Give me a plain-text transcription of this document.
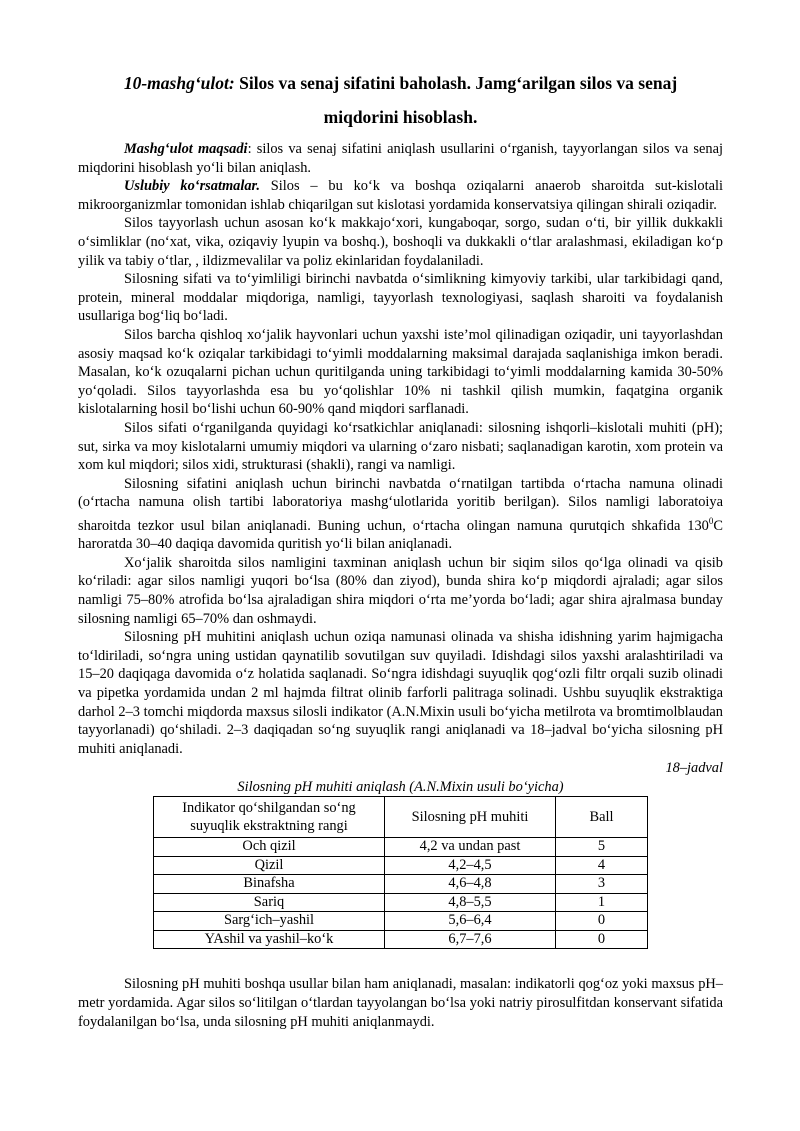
10-mashg‘ulot: Silos va senaj sifatini baholash. Jamg‘arilgan silos va senaj
miqdorini hisoblash.

Mashg‘ulot maqsadi: silos va senaj sifatini aniqlash usullarini o‘rganish, tayyorlangan silos va senaj miqdorini hisoblash yo‘li bilan aniqlash.

Uslubiy ko‘rsatmalar. Silos – bu ko‘k va boshqa oziqalarni anaerob sharoitda sut-kislotali mikroorganizmlar tomonidan ishlab chiqarilgan sut kislotasi yordamida konservatsiya qilingan shirali oziqadir.

Silos tayyorlash uchun asosan ko‘k makkajo‘xori, kungaboqar, sorgo, sudan o‘ti, bir yillik dukkakli o‘simliklar (no‘xat, vika, oziqaviy lyupin va boshq.), boshoqli va dukkakli o‘tlar aralashmasi, ekiladigan ko‘p yilik va tabiy o‘tlar, , ildizmevalilar va poliz ekinlaridan foydalaniladi.

Silosning sifati va to‘yimliligi birinchi navbatda o‘simlikning kimyoviy tarkibi, ular tarkibidagi qand, protein, mineral moddalar miqdoriga, namligi, tayyorlash texnologiyasi, saqlash sharoiti va foydalanish usullariga bog‘liq bo‘ladi.

Silos barcha qishloq xo‘jalik hayvonlari uchun yaxshi iste’mol qilinadigan oziqadir, uni tayyorlashdan asosiy maqsad ko‘k oziqalar tarkibidagi to‘yimli moddalarning maksimal darajada saqlanishiga imkon beradi. Masalan, ko‘k ozuqalarni pichan uchun quritilganda uning tarkibidagi to‘yimli moddalarning kamida 30-50% yo‘qoladi. Silos tayyorlashda esa bu yo‘qolishlar 10% ni tashkil qilish mumkin, faqatgina organik kislotalarning hosil bo‘lishi uchun 60-90% qand miqdori sarflanadi.

Silos sifati o‘rganilganda quyidagi ko‘rsatkichlar aniqlanadi: silosning ishqorli–kislotali muhiti (pH); sut, sirka va moy kislotalarni umumiy miqdori va ularning o‘zaro nisbati; saqlanadigan karotin, xom protein va xom kul miqdori; silos xidi, strukturasi (shakli), rangi va namligi.

Silosning sifatini aniqlash uchun birinchi navbatda o‘rnatilgan tartibda o‘rtacha namuna olinadi (o‘rtacha namuna olish tartibi laboratoriya mashg‘ulotlarida yoritib berilgan). Silos namligi laboratoiya sharoitda tezkor usul bilan aniqlanadi. Buning uchun, o‘rtacha olingan namuna qurutqich shkafida $130^0C$ haroratda 30–40 daqiqa davomida quritish yo‘li bilan aniqlanadi.

Xo‘jalik sharoitda silos namligini taxminan aniqlash uchun bir siqim silos qo‘lga olinadi va qisib ko‘riladi: agar silos namligi yuqori bo‘lsa (80% dan ziyod), bunda shira ko‘p miqdordi ajraladi; agar silos namligi 75–80% atrofida bo‘lsa ajraladigan shira miqdori o‘rta me’yorda bo‘ladi; agar shira ajralmasa bunday silosning namligi 65–70% dan oshmaydi.

Silosning pH muhitini aniqlash uchun oziqa namunasi olinada va shisha idishning yarim hajmigacha to‘ldiriladi, so‘ngra uning ustidan qaynatilib sovutilgan suv quyiladi. Idishdagi silos yaxshi aralashtiriladi va 15–20 daqiqaga davomida o‘z holatida saqlanadi. So‘ngra idishdagi suyuqlik qog‘ozli filtr orqali suzib olinadi va pipetka yordamida undan 2 ml hajmda filtrat olinib farforli palitraga solinadi. Ushbu suyuqlik ekstraktiga darhol 2–3 tomchi miqdorda maxsus silosli indikator (A.N.Mixin usuli bo‘yicha metilrota va bromtimolblaudan tayyorlanadi) qo‘shiladi. 2–3 daqiqadan so‘ng suyuqlik rangi aniqlanadi va 18–jadval bo‘yicha silosning pH muhiti aniqlanadi.

18–jadval
Silosning pH muhiti aniqlash (A.N.Mixin usuli bo‘yicha)
Indikator qo‘shilgandan so‘ng suyuqlik ekstraktning rangi	Silosning pH muhiti	Ball
Och qizil	4,2 va undan past	5
Qizil	4,2–4,5	4
Binafsha	4,6–4,8	3
Sariq	4,8–5,5	1
Sarg‘ich–yashil	5,6–6,4	0
YAshil va yashil–ko‘k	6,7–7,6	0

Silosning pH muhiti boshqa usullar bilan ham aniqlanadi, masalan: indikatorli qog‘oz yoki maxsus pH–metr yordamida. Agar silos so‘litilgan o‘tlardan tayyolangan bo‘lsa yoki natriy pirosulfitdan konservant sifatida foydalanilgan bo‘lsa, unda silosning pH muhiti aniqlanmaydi.
